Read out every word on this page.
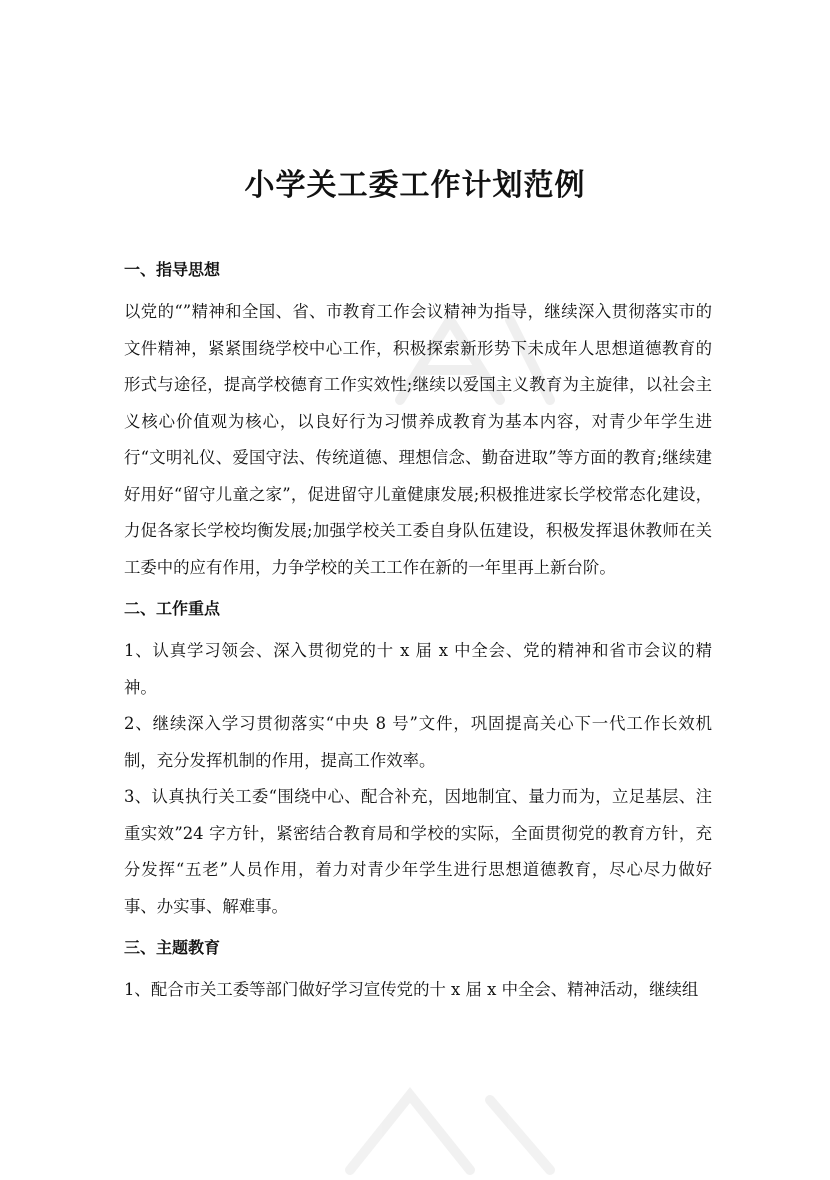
小学关工委工作计划范例
一、指导思想

以党的“”精神和全国、省、市教育工作会议精神为指导，继续深入贯彻落实市的文件精神，紧紧围绕学校中心工作，积极探索新形势下未成年人思想道德教育的形式与途径，提高学校德育工作实效性;继续以爱国主义教育为主旋律，以社会主义核心价值观为核心，以良好行为习惯养成教育为基本内容，对青少年学生进行“文明礼仪、爱国守法、传统道德、理想信念、勤奋进取”等方面的教育;继续建好用好“留守儿童之家”，促进留守儿童健康发展;积极推进家长学校常态化建设，力促各家长学校均衡发展;加强学校关工委自身队伍建设，积极发挥退休教师在关工委中的应有作用，力争学校的关工工作在新的一年里再上新台阶。

二、工作重点

1、认真学习领会、深入贯彻党的十 x 届 x 中全会、党的精神和省市会议的精神。

2、继续深入学习贯彻落实“中央 8 号”文件，巩固提高关心下一代工作长效机制，充分发挥机制的作用，提高工作效率。

3、认真执行关工委“围绕中心、配合补充，因地制宜、量力而为，立足基层、注重实效”24 字方针，紧密结合教育局和学校的实际，全面贯彻党的教育方针，充分发挥“五老”人员作用，着力对青少年学生进行思想道德教育，尽心尽力做好事、办实事、解难事。

三、主题教育

1、配合市关工委等部门做好学习宣传党的十 x 届 x 中全会、精神活动，继续组
